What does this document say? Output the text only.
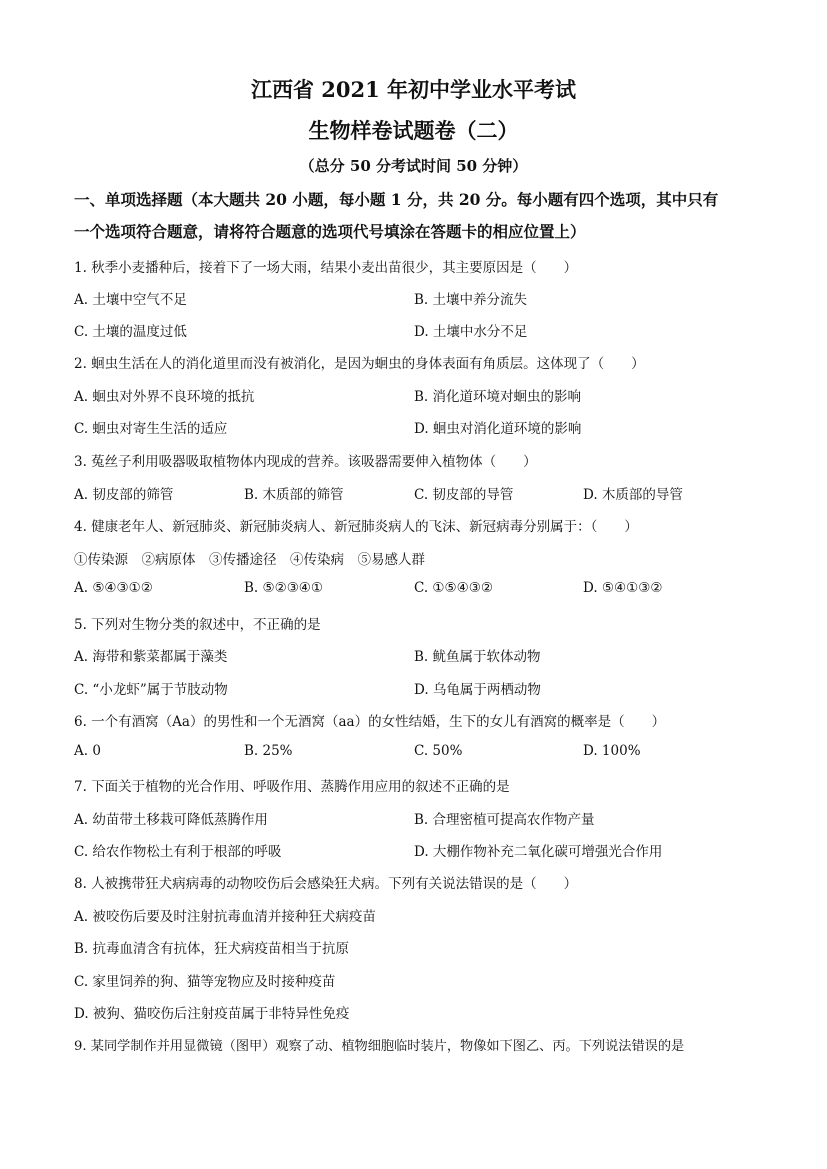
江西省 2021 年初中学业水平考试
生物样卷试题卷（二）
（总分 50 分考试时间 50 分钟）
一、单项选择题（本大题共 20 小题，每小题 1 分，共 20 分。每小题有四个选项，其中只有
一个选项符合题意，请将符合题意的选项代号填涂在答题卡的相应位置上）
1. 秋季小麦播种后，接着下了一场大雨，结果小麦出苗很少，其主要原因是（　　）
A. 土壤中空气不足	B. 土壤中养分流失
C. 土壤的温度过低	D. 土壤中水分不足
2. 蛔虫生活在人的消化道里而没有被消化，是因为蛔虫的身体表面有角质层。这体现了（　　）
A. 蛔虫对外界不良环境的抵抗	B. 消化道环境对蛔虫的影响
C. 蛔虫对寄生生活的适应	D. 蛔虫对消化道环境的影响
3. 菟丝子利用吸器吸取植物体内现成的营养。该吸器需要伸入植物体（　　）
A. 韧皮部的筛管	B. 木质部的筛管	C. 韧皮部的导管	D. 木质部的导管
4. 健康老年人、新冠肺炎、新冠肺炎病人、新冠肺炎病人的飞沫、新冠病毒分别属于：（　　）
①传染源　②病原体　③传播途径　④传染病　⑤易感人群
A. ⑤④③①②	B. ⑤②③④①	C. ①⑤④③②	D. ⑤④①③②
5. 下列对生物分类的叙述中，不正确的是
A. 海带和紫菜都属于藻类	B. 鱿鱼属于软体动物
C. “小龙虾”属于节肢动物	D. 乌龟属于两栖动物
6. 一个有酒窝（Aa）的男性和一个无酒窝（aa）的女性结婚，生下的女儿有酒窝的概率是（　　）
A. 0	B. 25%	C. 50%	D. 100%
7. 下面关于植物的光合作用、呼吸作用、蒸腾作用应用的叙述不正确的是
A. 幼苗带土移栽可降低蒸腾作用	B. 合理密植可提高农作物产量
C. 给农作物松土有利于根部的呼吸	D. 大棚作物补充二氧化碳可增强光合作用
8. 人被携带狂犬病病毒的动物咬伤后会感染狂犬病。下列有关说法错误的是（　　）
A. 被咬伤后要及时注射抗毒血清并接种狂犬病疫苗
B. 抗毒血清含有抗体，狂犬病疫苗相当于抗原
C. 家里饲养的狗、猫等宠物应及时接种疫苗
D. 被狗、猫咬伤后注射疫苗属于非特异性免疫
9. 某同学制作并用显微镜（图甲）观察了动、植物细胞临时装片，物像如下图乙、丙。下列说法错误的是
